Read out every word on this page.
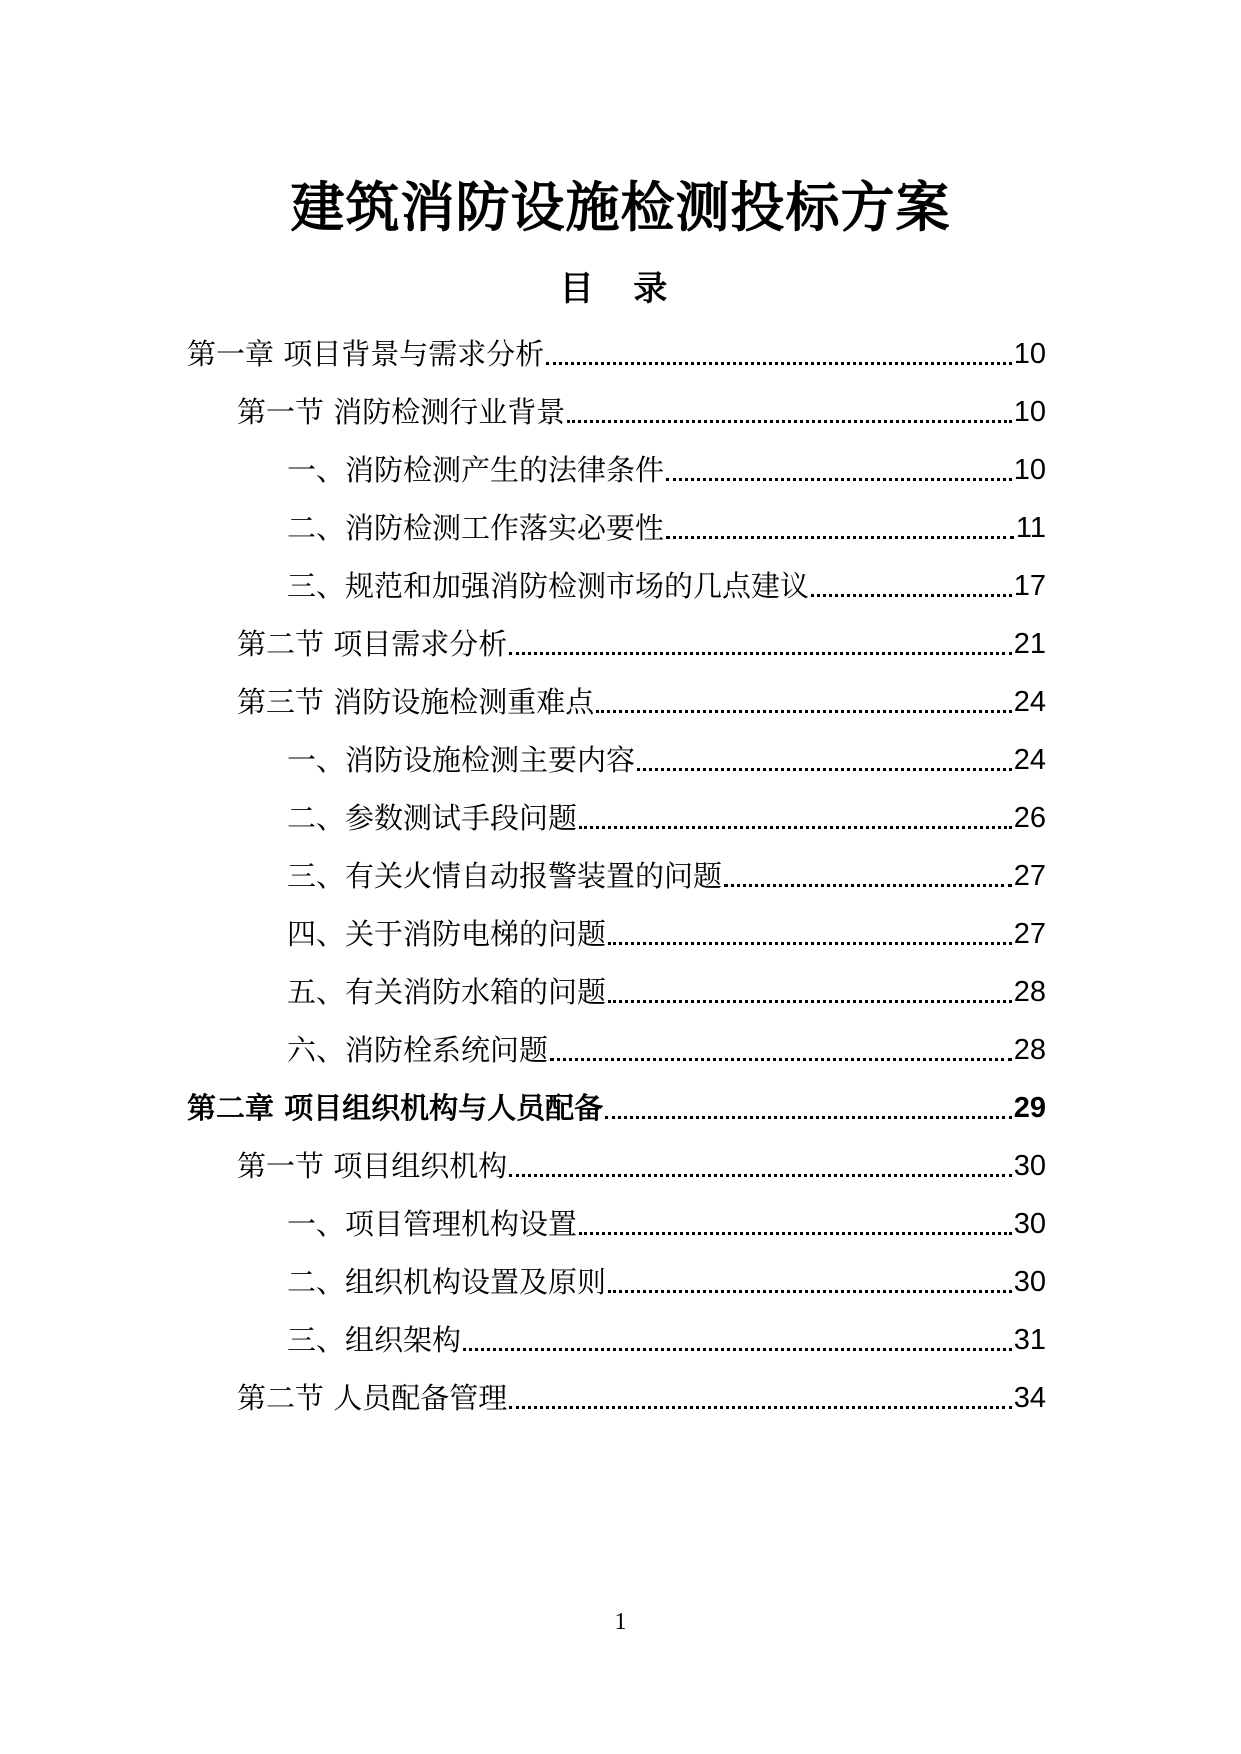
建筑消防设施检测投标方案
目 录
第一章 项目背景与需求分析	10
第一节 消防检测行业背景	10
一、消防检测产生的法律条件	10
二、消防检测工作落实必要性	11
三、规范和加强消防检测市场的几点建议	17
第二节 项目需求分析	21
第三节 消防设施检测重难点	24
一、消防设施检测主要内容	24
二、参数测试手段问题	26
三、有关火情自动报警装置的问题	27
四、关于消防电梯的问题	27
五、有关消防水箱的问题	28
六、消防栓系统问题	28
第二章 项目组织机构与人员配备	29
第一节 项目组织机构	30
一、项目管理机构设置	30
二、组织机构设置及原则	30
三、组织架构	31
第二节 人员配备管理	34
1
